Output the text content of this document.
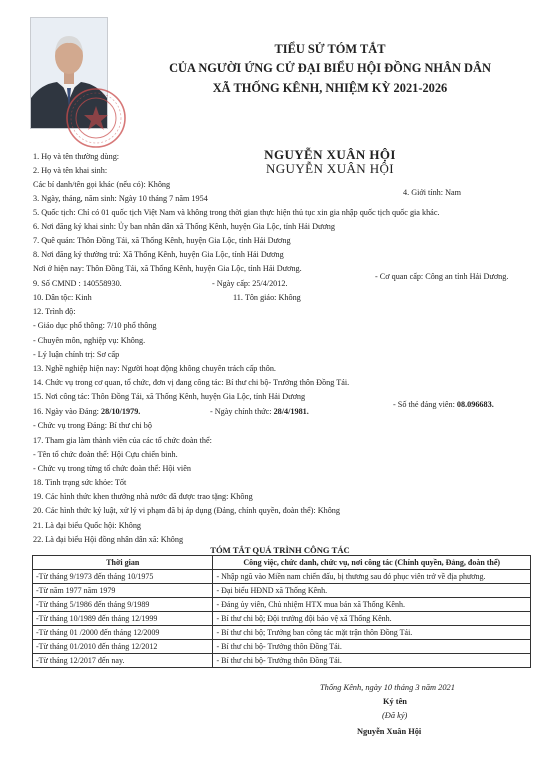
TIỂU SỬ TÓM TẮT
CỦA NGƯỜI ỨNG CỬ ĐẠI BIỂU HỘI ĐỒNG NHÂN DÂN
XÃ THỐNG KÊNH, NHIỆM KỲ 2021-2026
NGUYỄN XUÂN HỘI
NGUYỄN XUÂN HỘI
1. Họ và tên thường dùng:
2. Họ và tên khai sinh:
Các bí danh/tên gọi khác (nếu có): Không
3. Ngày, tháng, năm sinh: Ngày 10 tháng 7 năm 1954
4. Giới tính: Nam
5. Quốc tịch: Chỉ có 01 quốc tịch Việt Nam và không trong thời gian thực hiện thủ tục xin gia nhập quốc tịch quốc gia khác.
6. Nơi đăng ký khai sinh: Ủy ban nhân dân xã Thống Kênh, huyện Gia Lộc, tỉnh Hải Dương
7. Quê quán: Thôn Đồng Tái, xã Thống Kênh, huyện Gia Lộc, tỉnh Hải Dương
8. Nơi đăng ký thường trú: Xã Thống Kênh, huyện Gia Lộc, tỉnh Hải Dương
Nơi ở hiện nay: Thôn Đồng Tái, xã Thống Kênh, huyện Gia Lộc, tỉnh Hải Dương.
9. Số CMND : 140558930.	- Ngày cấp: 25/4/2012.
- Cơ quan cấp: Công an tỉnh Hải Dương.
10. Dân tộc: Kinh	11. Tôn giáo: Không
12. Trình độ:
- Giáo dục phổ thông: 7/10 phổ thông
- Chuyên môn, nghiệp vụ: Không.
- Lý luận chính trị: Sơ cấp
13. Nghề nghiệp hiện nay: Người hoạt động không chuyên trách cấp thôn.
14. Chức vụ trong cơ quan, tổ chức, đơn vị đang công tác: Bí thư chi bộ- Trưởng thôn Đồng Tái.
15. Nơi công tác: Thôn Đồng Tái, xã Thống Kênh, huyện Gia Lộc, tỉnh Hải Dương
16. Ngày vào Đảng: 28/10/1979.	- Ngày chính thức: 28/4/1981.
- Số thẻ đảng viên: 08.096683.
- Chức vụ trong Đảng: Bí thư chi bộ
17. Tham gia làm thành viên của các tổ chức đoàn thể:
- Tên tổ chức đoàn thể: Hội Cựu chiến binh.
- Chức vụ trong từng tổ chức đoàn thể: Hội viên
18. Tình trạng sức khỏe: Tốt
19. Các hình thức khen thưởng nhà nước đã được trao tặng: Không
20. Các hình thức kỷ luật, xử lý vi phạm đã bị áp dụng (Đảng, chính quyền, đoàn thể): Không
21. Là đại biểu Quốc hội: Không
22. Là đại biểu Hội đồng nhân dân xã: Không
TÓM TẮT QUÁ TRÌNH CÔNG TÁC
Thời gian	Công việc, chức danh, chức vụ, nơi công tác (Chính quyền, Đảng, đoàn thể)
-Từ tháng 9/1973 đến tháng 10/1975	- Nhập ngũ vào Miền nam chiến đấu, bị thương sau đó phục viên trở về địa phương.
-Từ năm 1977 năm 1979	- Đại biểu HĐND xã Thống Kênh.
-Từ tháng 5/1986 đến tháng 9/1989	- Đảng ủy viên, Chủ nhiệm HTX mua bán xã Thống Kênh.
-Từ tháng 10/1989 đến tháng 12/1999	- Bí thư chi bộ; Đội trưởng đội bảo vệ xã Thống Kênh.
-Từ tháng 01 /2000 đến tháng 12/2009	- Bí thư chi bộ; Trưởng ban công tác mặt trận thôn Đồng Tái.
-Từ tháng 01/2010 đến tháng 12/2012	- Bí thư chi bộ- Trưởng thôn Đồng Tái.
-Từ tháng 12/2017 đến nay.	- Bí thư chi bộ- Trưởng thôn Đồng Tái.
Thống Kênh, ngày 10 tháng 3 năm 2021
Ký tên
(Đã ký)
Nguyễn Xuân Hội
